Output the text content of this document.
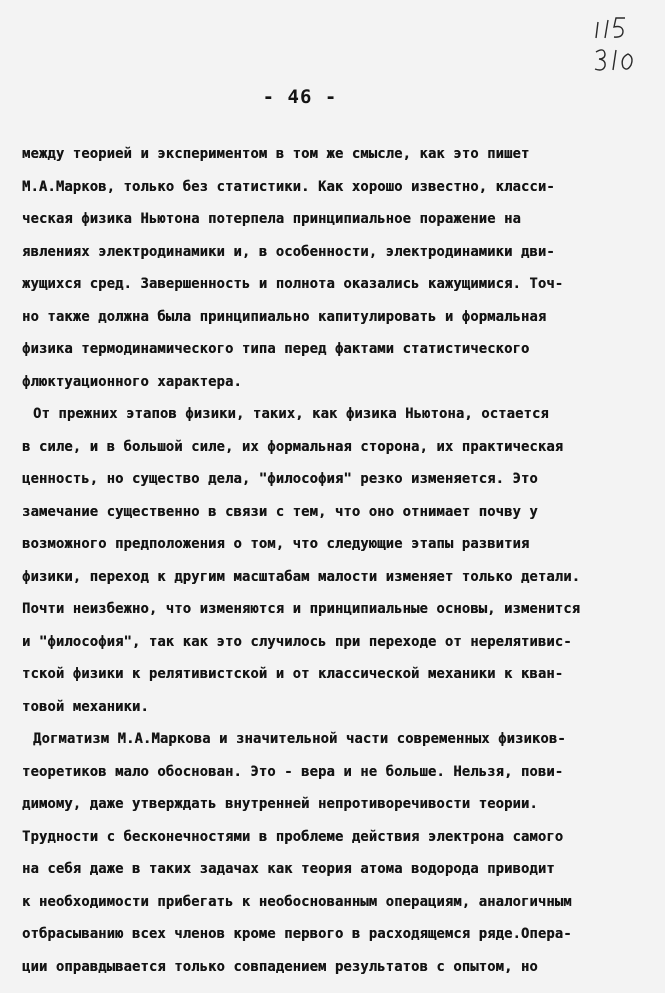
- 46 -
между теорией и экспериментом в том же смысле, как это пишет
М.А.Марков, только без статистики. Как хорошо известно, класси-
ческая физика Ньютона потерпела принципиальное поражение на
явлениях электродинамики и, в особенности, электродинамики дви-
жущихся сред. Завершенность и полнота оказались кажущимися. Точ-
но также должна была принципиально капитулировать и формальная
физика термодинамического типа перед фактами статистического
флюктуационного характера.
От прежних этапов физики, таких, как физика Ньютона, остается
в силе, и в большой силе, их формальная сторона, их практическая
ценность, но существо дела, "философия" резко изменяется. Это
замечание существенно в связи с тем, что оно отнимает почву у
возможного предположения о том, что следующие этапы развития
физики, переход к другим масштабам малости изменяет только детали.
Почти неизбежно, что изменяются и принципиальные основы, изменится
и "философия", так как это случилось при переходе от нерелятивис-
тской физики к релятивистской и от классической механики к кван-
товой механики.
Догматизм М.А.Маркова и значительной части современных физиков-
теоретиков мало обоснован. Это - вера и не больше. Нельзя, пови-
димому, даже утверждать внутренней непротиворечивости теории.
Трудности с бесконечностями в проблеме действия электрона самого
на себя даже в таких задачах как теория атома водорода приводит
к необходимости прибегать к необоснованным операциям, аналогичным
отбрасыванию всех членов кроме первого в расходящемся ряде.Опера-
ции оправдывается только совпадением результатов с опытом, но
